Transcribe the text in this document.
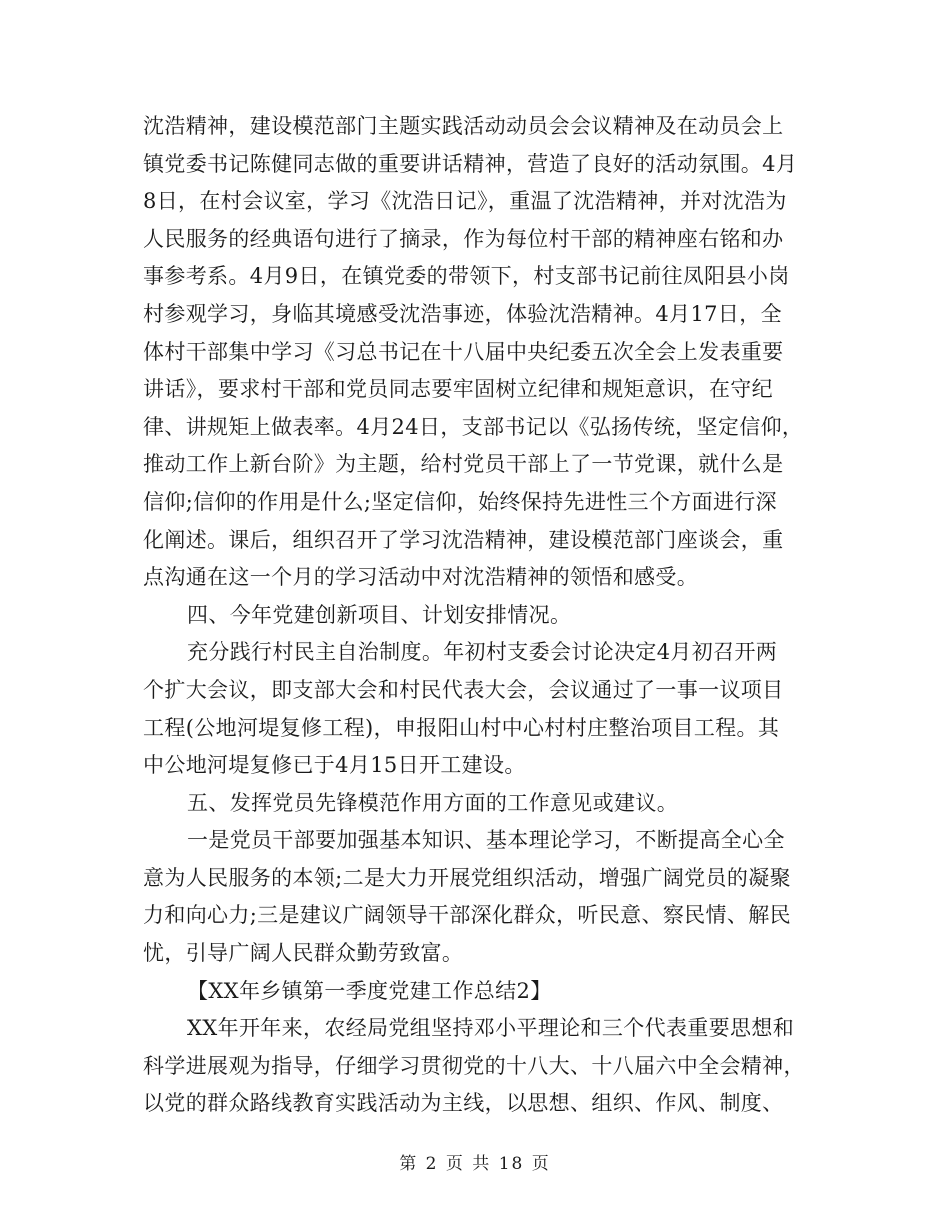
沈浩精神，建设模范部门主题实践活动动员会会议精神及在动员会上
镇党委书记陈健同志做的重要讲话精神，营造了良好的活动氛围。4月
8日，在村会议室，学习《沈浩日记》，重温了沈浩精神，并对沈浩为
人民服务的经典语句进行了摘录，作为每位村干部的精神座右铭和办
事参考系。4月9日，在镇党委的带领下，村支部书记前往凤阳县小岗
村参观学习，身临其境感受沈浩事迹，体验沈浩精神。4月17日，全
体村干部集中学习《习总书记在十八届中央纪委五次全会上发表重要
讲话》，要求村干部和党员同志要牢固树立纪律和规矩意识，在守纪
律、讲规矩上做表率。4月24日，支部书记以《弘扬传统，坚定信仰，
推动工作上新台阶》为主题，给村党员干部上了一节党课，就什么是
信仰;信仰的作用是什么;坚定信仰，始终保持先进性三个方面进行深
化阐述。课后，组织召开了学习沈浩精神，建设模范部门座谈会，重
点沟通在这一个月的学习活动中对沈浩精神的领悟和感受。
四、今年党建创新项目、计划安排情况。
充分践行村民主自治制度。年初村支委会讨论决定4月初召开两
个扩大会议，即支部大会和村民代表大会，会议通过了一事一议项目
工程(公地河堤复修工程)，申报阳山村中心村村庄整治项目工程。其
中公地河堤复修已于4月15日开工建设。
五、发挥党员先锋模范作用方面的工作意见或建议。
一是党员干部要加强基本知识、基本理论学习，不断提高全心全
意为人民服务的本领;二是大力开展党组织活动，增强广阔党员的凝聚
力和向心力;三是建议广阔领导干部深化群众，听民意、察民情、解民
忧，引导广阔人民群众勤劳致富。
【XX年乡镇第一季度党建工作总结2】
XX年开年来，农经局党组坚持邓小平理论和三个代表重要思想和
科学进展观为指导，仔细学习贯彻党的十八大、十八届六中全会精神，
以党的群众路线教育实践活动为主线，以思想、组织、作风、制度、
第 2 页 共 18 页
